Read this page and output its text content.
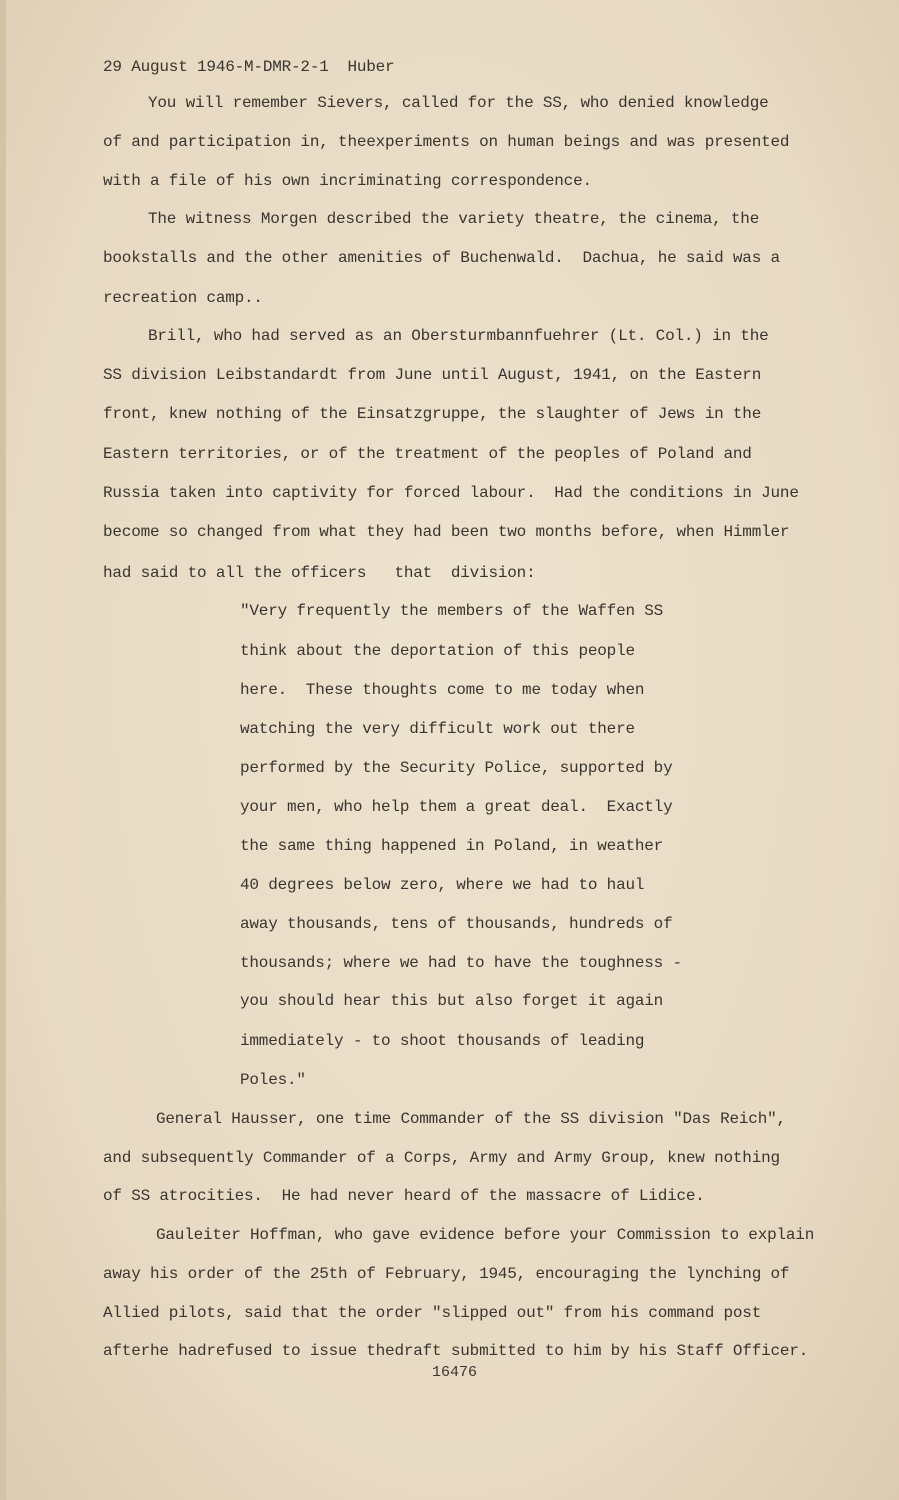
29 August 1946-M-DMR-2-1  Huber
You will remember Sievers, called for the SS, who denied knowledge
of and participation in, theexperiments on human beings and was presented
with a file of his own incriminating correspondence.
The witness Morgen described the variety theatre, the cinema, the
bookstalls and the other amenities of Buchenwald.  Dachua, he said was a
recreation camp..
Brill, who had served as an Obersturmbannfuehrer (Lt. Col.) in the
SS division Leibstandardt from June until August, 1941, on the Eastern
front, knew nothing of the Einsatzgruppe, the slaughter of Jews in the
Eastern territories, or of the treatment of the peoples of Poland and
Russia taken into captivity for forced labour.  Had the conditions in June
become so changed from what they had been two months before, when Himmler
had said to all the officers   that  division:
"Very frequently the members of the Waffen SS
think about the deportation of this people
here.  These thoughts come to me today when
watching the very difficult work out there
performed by the Security Police, supported by
your men, who help them a great deal.  Exactly
the same thing happened in Poland, in weather
40 degrees below zero, where we had to haul
away thousands, tens of thousands, hundreds of
thousands; where we had to have the toughness -
you should hear this but also forget it again
immediately - to shoot thousands of leading
Poles."
General Hausser, one time Commander of the SS division "Das Reich",
and subsequently Commander of a Corps, Army and Army Group, knew nothing
of SS atrocities.  He had never heard of the massacre of Lidice.
Gauleiter Hoffman, who gave evidence before your Commission to explain
away his order of the 25th of February, 1945, encouraging the lynching of
Allied pilots, said that the order "slipped out" from his command post
afterhe hadrefused to issue thedraft submitted to him by his Staff Officer.
16476
